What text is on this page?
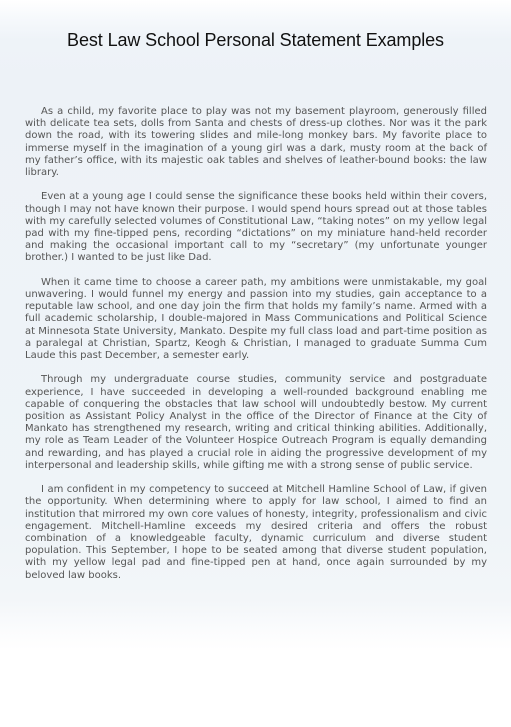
Best Law School Personal Statement Examples

As a child, my favorite place to play was not my basement playroom, generously filled with delicate tea sets, dolls from Santa and chests of dress-up clothes. Nor was it the park down the road, with its towering slides and mile-long monkey bars. My favorite place to immerse myself in the imagination of a young girl was a dark, musty room at the back of my father’s office, with its majestic oak tables and shelves of leather-bound books: the law library.

Even at a young age I could sense the significance these books held within their covers, though I may not have known their purpose. I would spend hours spread out at those tables with my carefully selected volumes of Constitutional Law, “taking notes” on my yellow legal pad with my fine-tipped pens, recording “dictations” on my miniature hand-held recorder and making the occasional important call to my “secretary” (my unfortunate younger brother.) I wanted to be just like Dad.

When it came time to choose a career path, my ambitions were unmistakable, my goal unwavering. I would funnel my energy and passion into my studies, gain acceptance to a reputable law school, and one day join the firm that holds my family’s name. Armed with a full academic scholarship, I double-majored in Mass Communications and Political Science at Minnesota State University, Mankato. Despite my full class load and part-time position as a paralegal at Christian, Spartz, Keogh & Christian, I managed to graduate Summa Cum Laude this past December, a semester early.

Through my undergraduate course studies, community service and postgraduate experience, I have succeeded in developing a well-rounded background enabling me capable of conquering the obstacles that law school will undoubtedly bestow. My current position as Assistant Policy Analyst in the office of the Director of Finance at the City of Mankato has strengthened my research, writing and critical thinking abilities. Additionally, my role as Team Leader of the Volunteer Hospice Outreach Program is equally demanding and rewarding, and has played a crucial role in aiding the progressive development of my interpersonal and leadership skills, while gifting me with a strong sense of public service.

I am confident in my competency to succeed at Mitchell Hamline School of Law, if given the opportunity. When determining where to apply for law school, I aimed to find an institution that mirrored my own core values of honesty, integrity, professionalism and civic engagement. Mitchell-Hamline exceeds my desired criteria and offers the robust combination of a knowledgeable faculty, dynamic curriculum and diverse student population. This September, I hope to be seated among that diverse student population, with my yellow legal pad and fine-tipped pen at hand, once again surrounded by my beloved law books.
